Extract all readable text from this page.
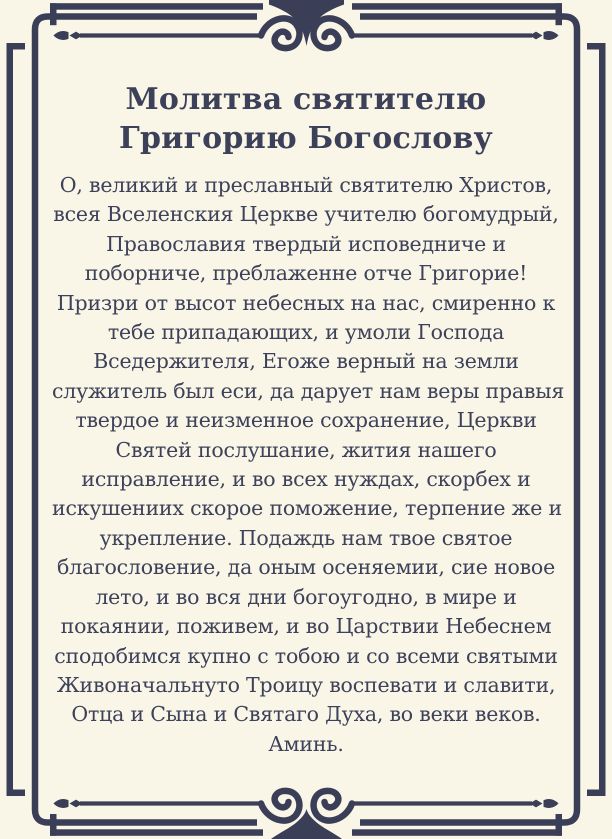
Молитва святителю
Григорию Богослову
О, великий и преславный святителю Христов,
всея Вселенския Церкве учителю богомудрый,
Православия твердый исповедниче и
поборниче, преблаженне отче Григорие!
Призри от высот небесных на нас, смиренно к
тебе припадающих, и умоли Господа
Вседержителя, Егоже верный на земли
служитель был еси, да дарует нам веры правыя
твердое и неизменное сохранение, Церкви
Святей послушание, жития нашего
исправление, и во всех нуждах, скорбех и
искушениих скорое поможение, терпение же и
укрепление. Подаждь нам твое святое
благословение, да оным осеняемии, сие новое
лето, и во вся дни богоугодно, в мире и
покаянии, поживем, и во Царствии Небеснем
сподобимся купно с тобою и со всеми святыми
Живоначальнуто Троицу воспевати и славити,
Отца и Сына и Святаго Духа, во веки веков.
Аминь.
